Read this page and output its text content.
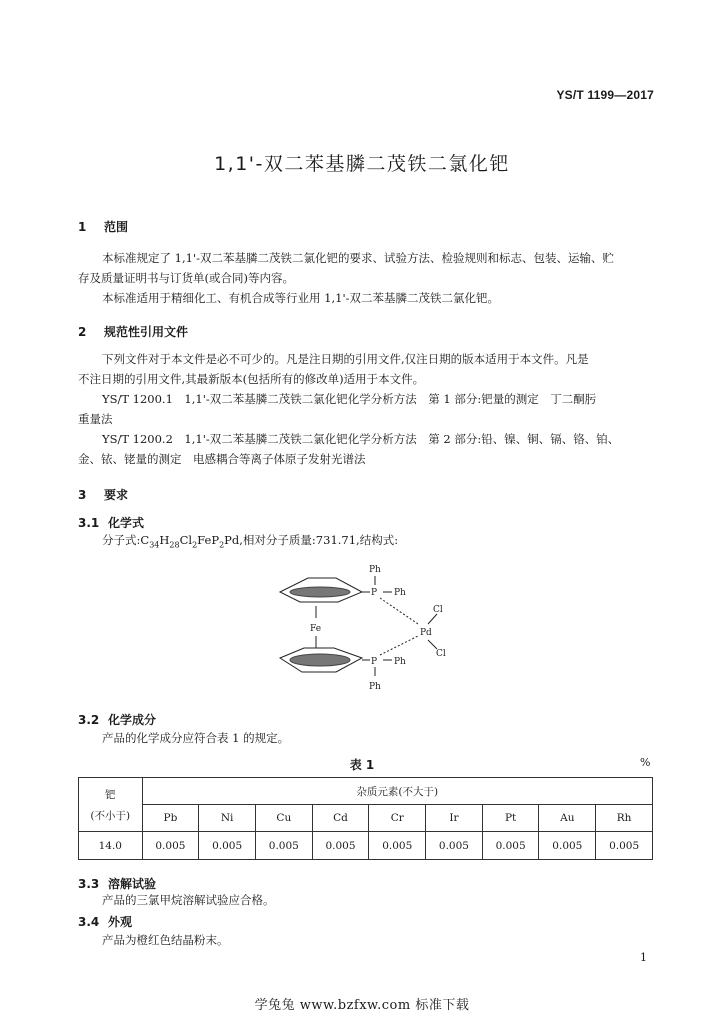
YS/T 1199—2017
1,1'-双二苯基膦二茂铁二氯化钯
1 范围
本标准规定了 1,1'-双二苯基膦二茂铁二氯化钯的要求、试验方法、检验规则和标志、包装、运输、贮
存及质量证明书与订货单(或合同)等内容。
本标准适用于精细化工、有机合成等行业用 1,1'-双二苯基膦二茂铁二氯化钯。
2 规范性引用文件
下列文件对于本文件是必不可少的。凡是注日期的引用文件,仅注日期的版本适用于本文件。凡是
不注日期的引用文件,其最新版本(包括所有的修改单)适用于本文件。
YS/T 1200.1　1,1'-双二苯基膦二茂铁二氯化钯化学分析方法　第 1 部分:钯量的测定　丁二酮肟
重量法
YS/T 1200.2　1,1'-双二苯基膦二茂铁二氯化钯化学分析方法　第 2 部分:铅、镍、铜、镉、铬、铂、
金、铱、铑量的测定　电感耦合等离子体原子发射光谱法
3 要求
3.1 化学式
分子式$:C_{34}H_{28}Cl_2FeP_2Pd$,相对分子质量:731.71,结构式:
Ph
P Ph
Fe	Pd
Cl
Cl
P Ph
Ph
3.2 化学成分
产品的化学成分应符合表 1 的规定。
表 1	%
钯
(不小于)	杂质元素(不大于)								
	Pb	Ni	Cu	Cd	Cr	Ir	Pt	Au	Rh
14.0	0.005	0.005	0.005	0.005	0.005	0.005	0.005	0.005	0.005
3.3 溶解试验
产品的三氯甲烷溶解试验应合格。
3.4 外观
产品为橙红色结晶粉末。
1
学兔兔 www.bzfxw.com 标准下载
